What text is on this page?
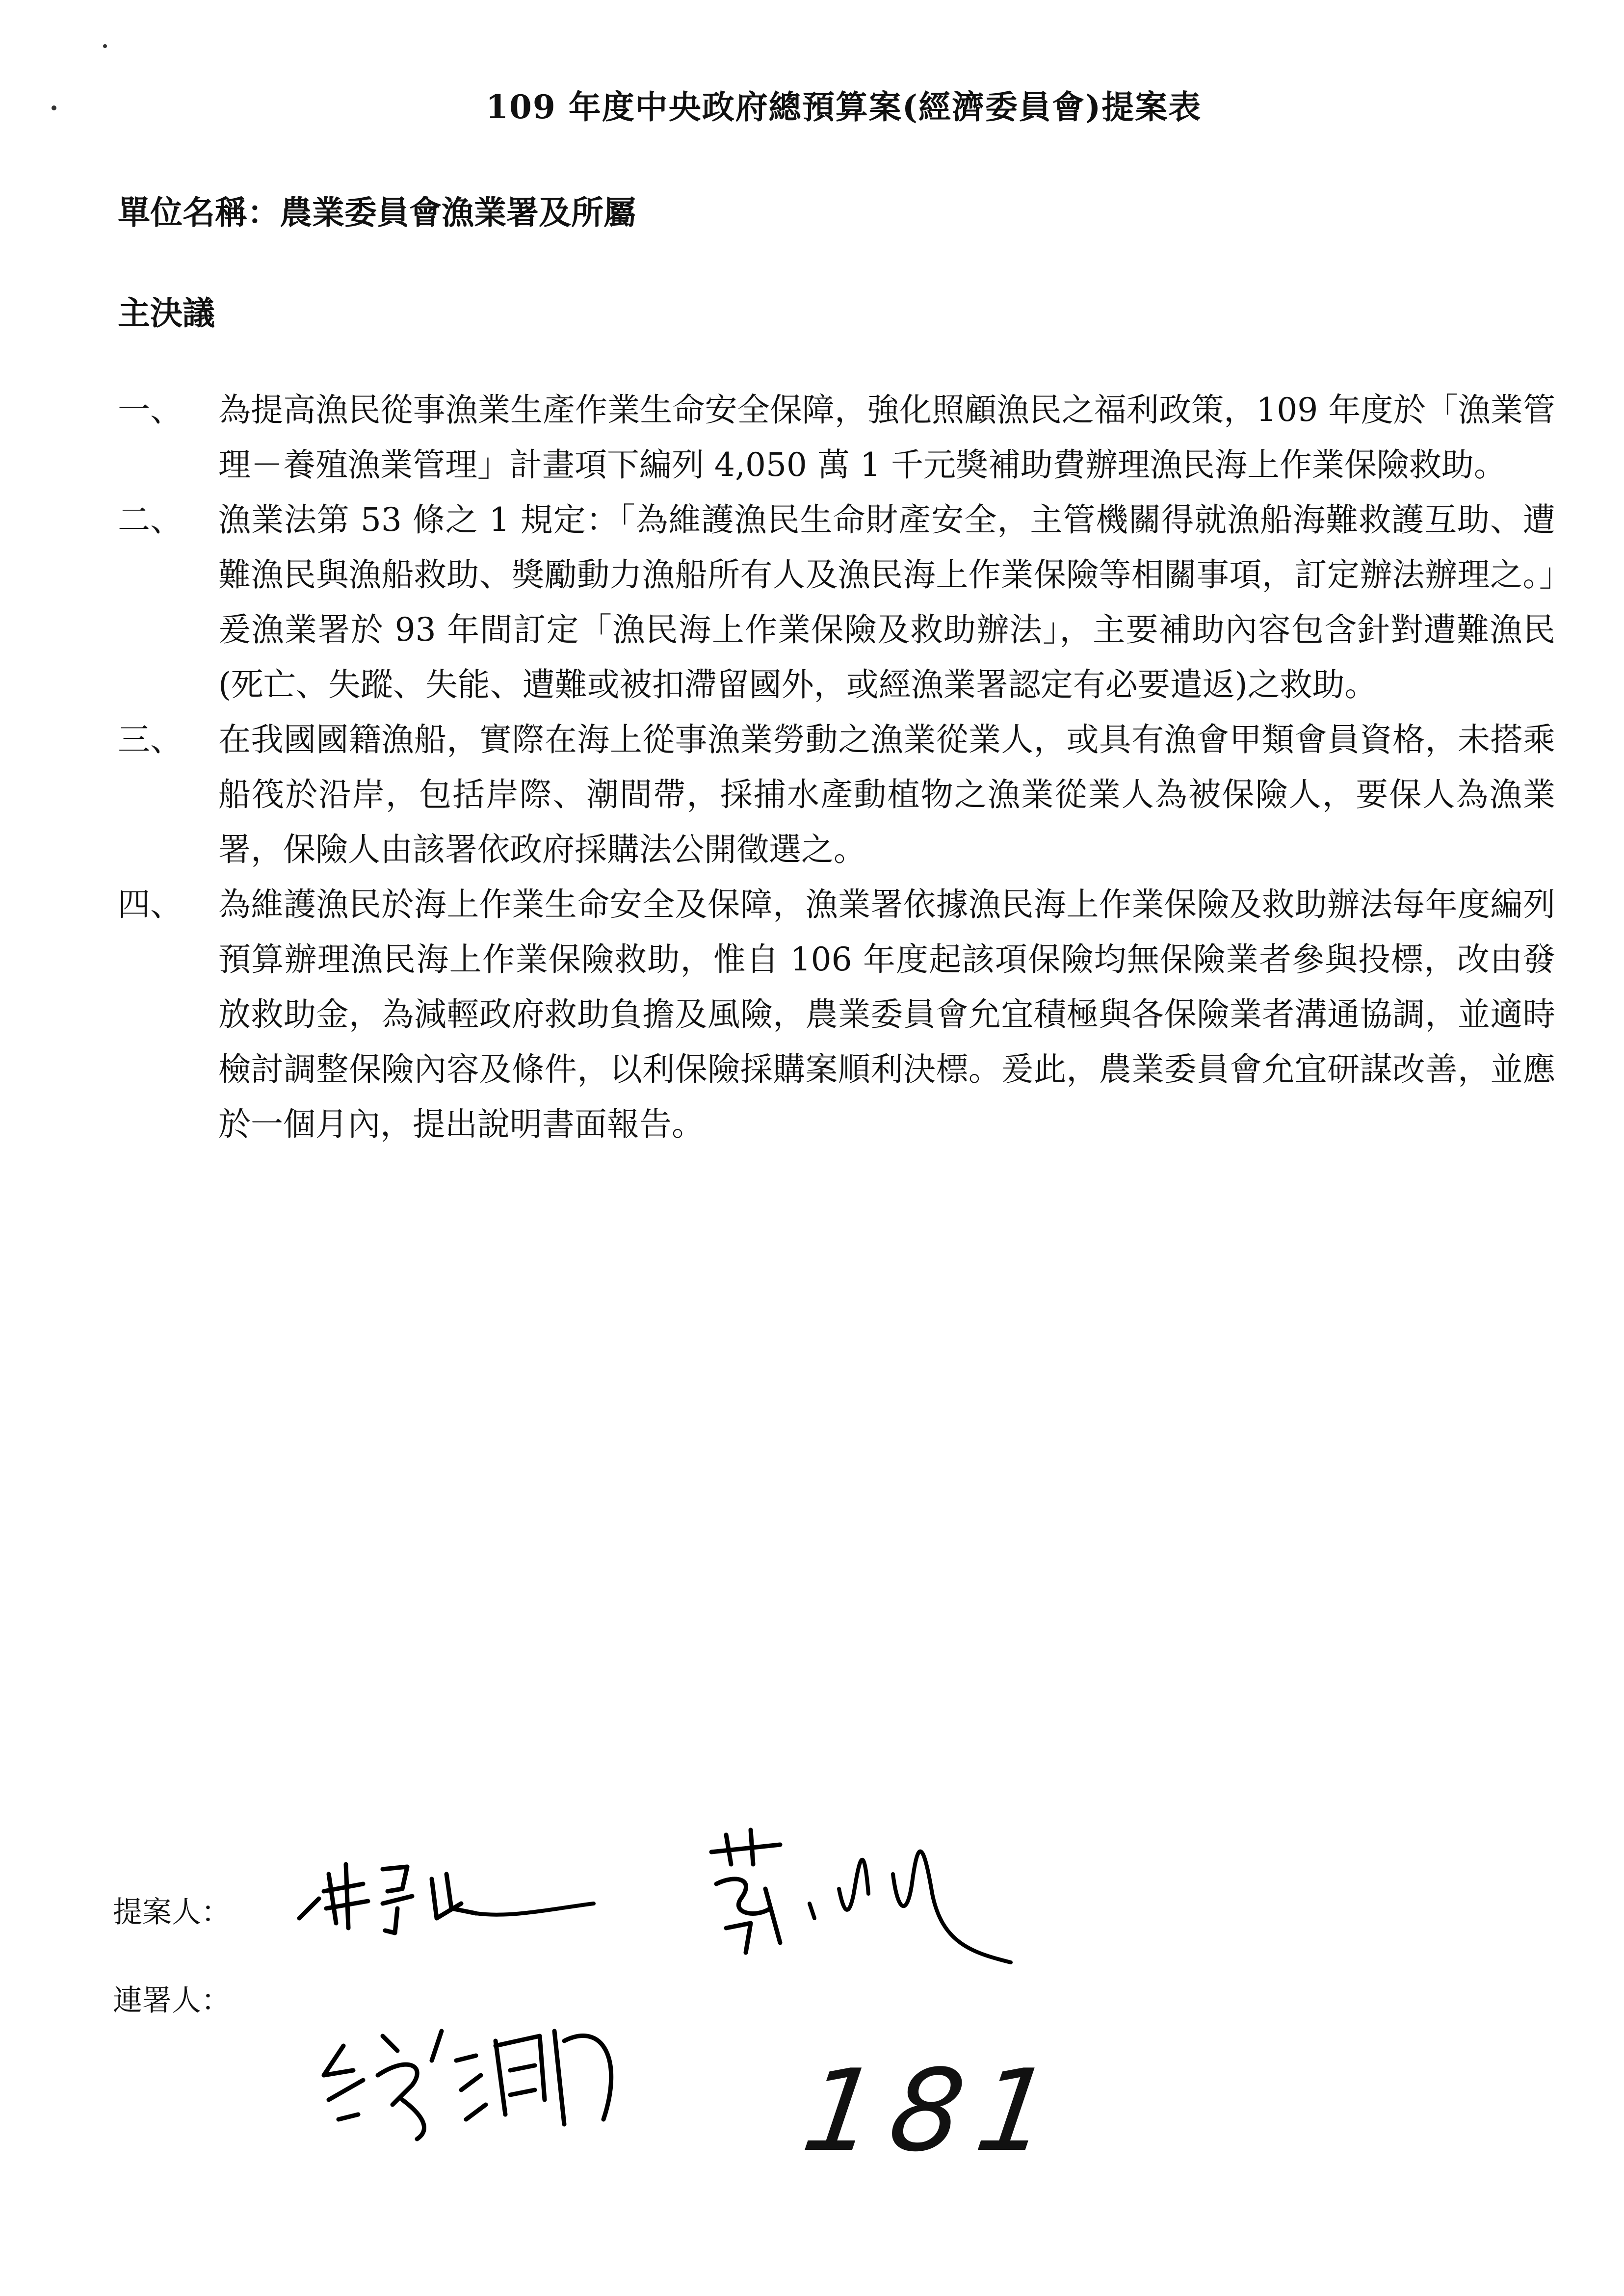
109 年度中央政府總預算案(經濟委員會)提案表
單位名稱：農業委員會漁業署及所屬
主決議
一、 為提高漁民從事漁業生產作業生命安全保障，強化照顧漁民之福利政策，109 年度於「漁業管理－養殖漁業管理」計畫項下編列 4,050 萬 1 千元獎補助費辦理漁民海上作業保險救助。
二、 漁業法第 53 條之 1 規定：「為維護漁民生命財產安全，主管機關得就漁船海難救護互助、遭難漁民與漁船救助、獎勵動力漁船所有人及漁民海上作業保險等相關事項，訂定辦法辦理之。」爰漁業署於 93 年間訂定「漁民海上作業保險及救助辦法」，主要補助內容包含針對遭難漁民(死亡、失蹤、失能、遭難或被扣滯留國外，或經漁業署認定有必要遣返)之救助。
三、 在我國國籍漁船，實際在海上從事漁業勞動之漁業從業人，或具有漁會甲類會員資格，未搭乘船筏於沿岸，包括岸際、潮間帶，採捕水產動植物之漁業從業人為被保險人，要保人為漁業署，保險人由該署依政府採購法公開徵選之。
四、 為維護漁民於海上作業生命安全及保障，漁業署依據漁民海上作業保險及救助辦法每年度編列預算辦理漁民海上作業保險救助，惟自 106 年度起該項保險均無保險業者參與投標，改由發放救助金，為減輕政府救助負擔及風險，農業委員會允宜積極與各保險業者溝通協調，並適時檢討調整保險內容及條件，以利保險採購案順利決標。爰此，農業委員會允宜研謀改善，並應於一個月內，提出說明書面報告。
提案人：
連署人：
181
